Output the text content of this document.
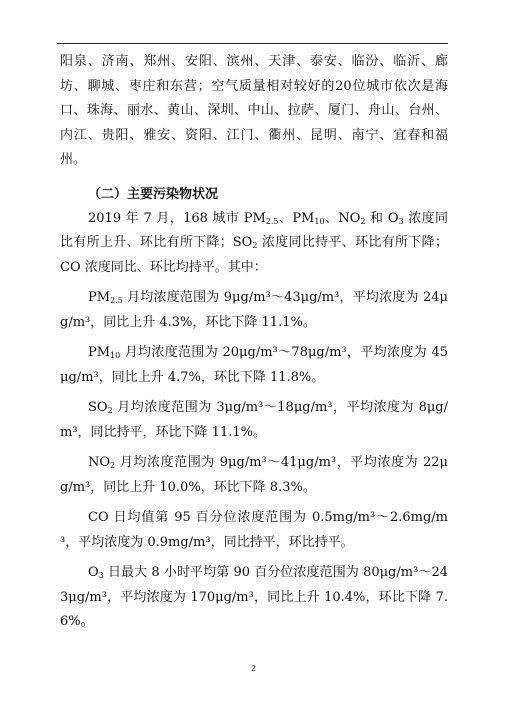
阳泉、济南、郑州、安阳、滨州、天津、泰安、临汾、临沂、廊坊、聊城、枣庄和东营；空气质量相对较好的20位城市依次是海口、珠海、丽水、黄山、深圳、中山、拉萨、厦门、舟山、台州、内江、贵阳、雅安、资阳、江门、衢州、昆明、南宁、宜春和福州。

（二）主要污染物状况

2019 年 7 月，168 城市 $PM_{2.5}$、$PM_{10}$、$NO_2$ 和 $O_3$ 浓度同比有所上升、环比有所下降；$SO_2$ 浓度同比持平、环比有所下降；CO 浓度同比、环比均持平。其中：

$PM_{2.5}$ 月均浓度范围为 9μg/m³～43μg/m³，平均浓度为 24μg/m³，同比上升 4.3%，环比下降 11.1%。

$PM_{10}$ 月均浓度范围为 20μg/m³～78μg/m³，平均浓度为 45μg/m³，同比上升 4.7%，环比下降 11.8%。

$SO_2$ 月均浓度范围为 3μg/m³～18μg/m³，平均浓度为 8μg/m³，同比持平，环比下降 11.1%。

$NO_2$ 月均浓度范围为 9μg/m³～41μg/m³，平均浓度为 22μg/m³，同比上升 10.0%，环比下降 8.3%。

CO 日均值第 95 百分位浓度范围为 0.5mg/m³～2.6mg/m³，平均浓度为 0.9mg/m³，同比持平，环比持平。

$O_3$ 日最大 8 小时平均第 90 百分位浓度范围为 80μg/m³～243μg/m³，平均浓度为 170μg/m³，同比上升 10.4%，环比下降 7.6%。

2
